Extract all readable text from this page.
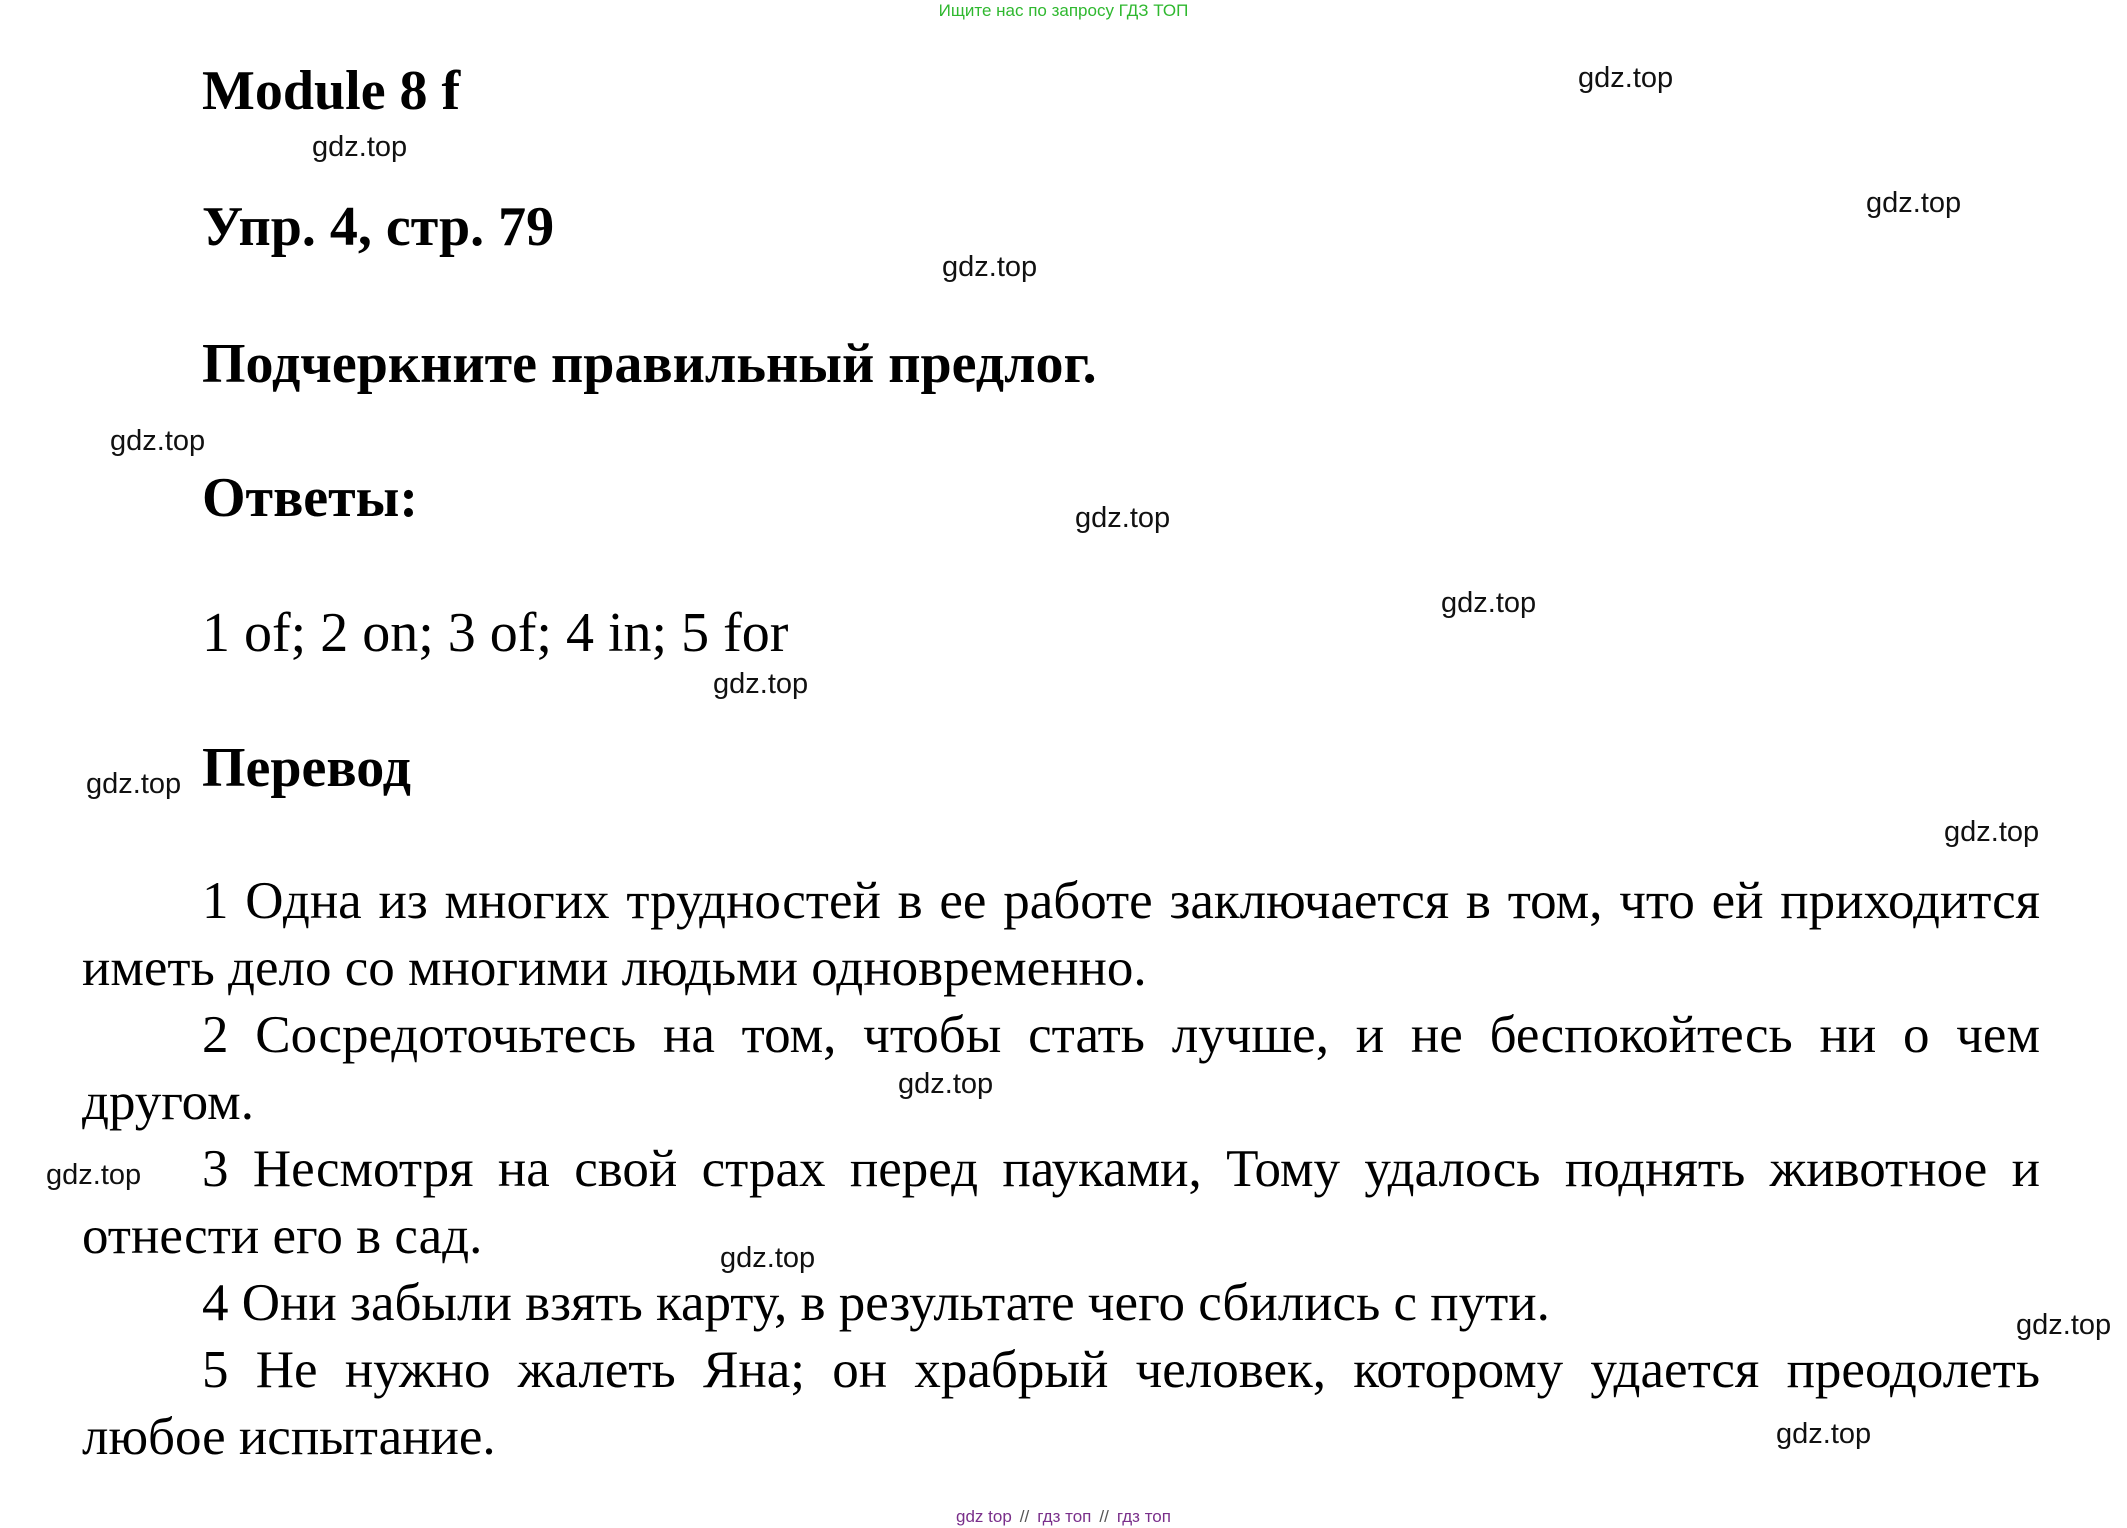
Ищите нас по запросу ГДЗ ТОП
Module 8 f
Упр. 4, стр. 79
Подчеркните правильный предлог.
Ответы:
1 of; 2 on; 3 of; 4 in; 5 for
Перевод

1 Одна из многих трудностей в ее работе заключается в том, что ей приходится иметь дело со многими людьми одновременно.

2 Сосредоточьтесь на том, чтобы стать лучше, и не беспокойтесь ни о чем другом.

3 Несмотря на свой страх перед пауками, Тому удалось поднять животное и отнести его в сад.

4 Они забыли взять карту, в результате чего сбились с пути.

5 Не нужно жалеть Яна; он храбрый человек, которому удается преодолеть любое испытание.

gdz.top
gdz.top
gdz.top
gdz.top
gdz.top
gdz.top
gdz.top
gdz.top
gdz.top
gdz.top
gdz.top
gdz.top
gdz.top
gdz.top
gdz.top
gdz top // гдз топ // гдз топ
